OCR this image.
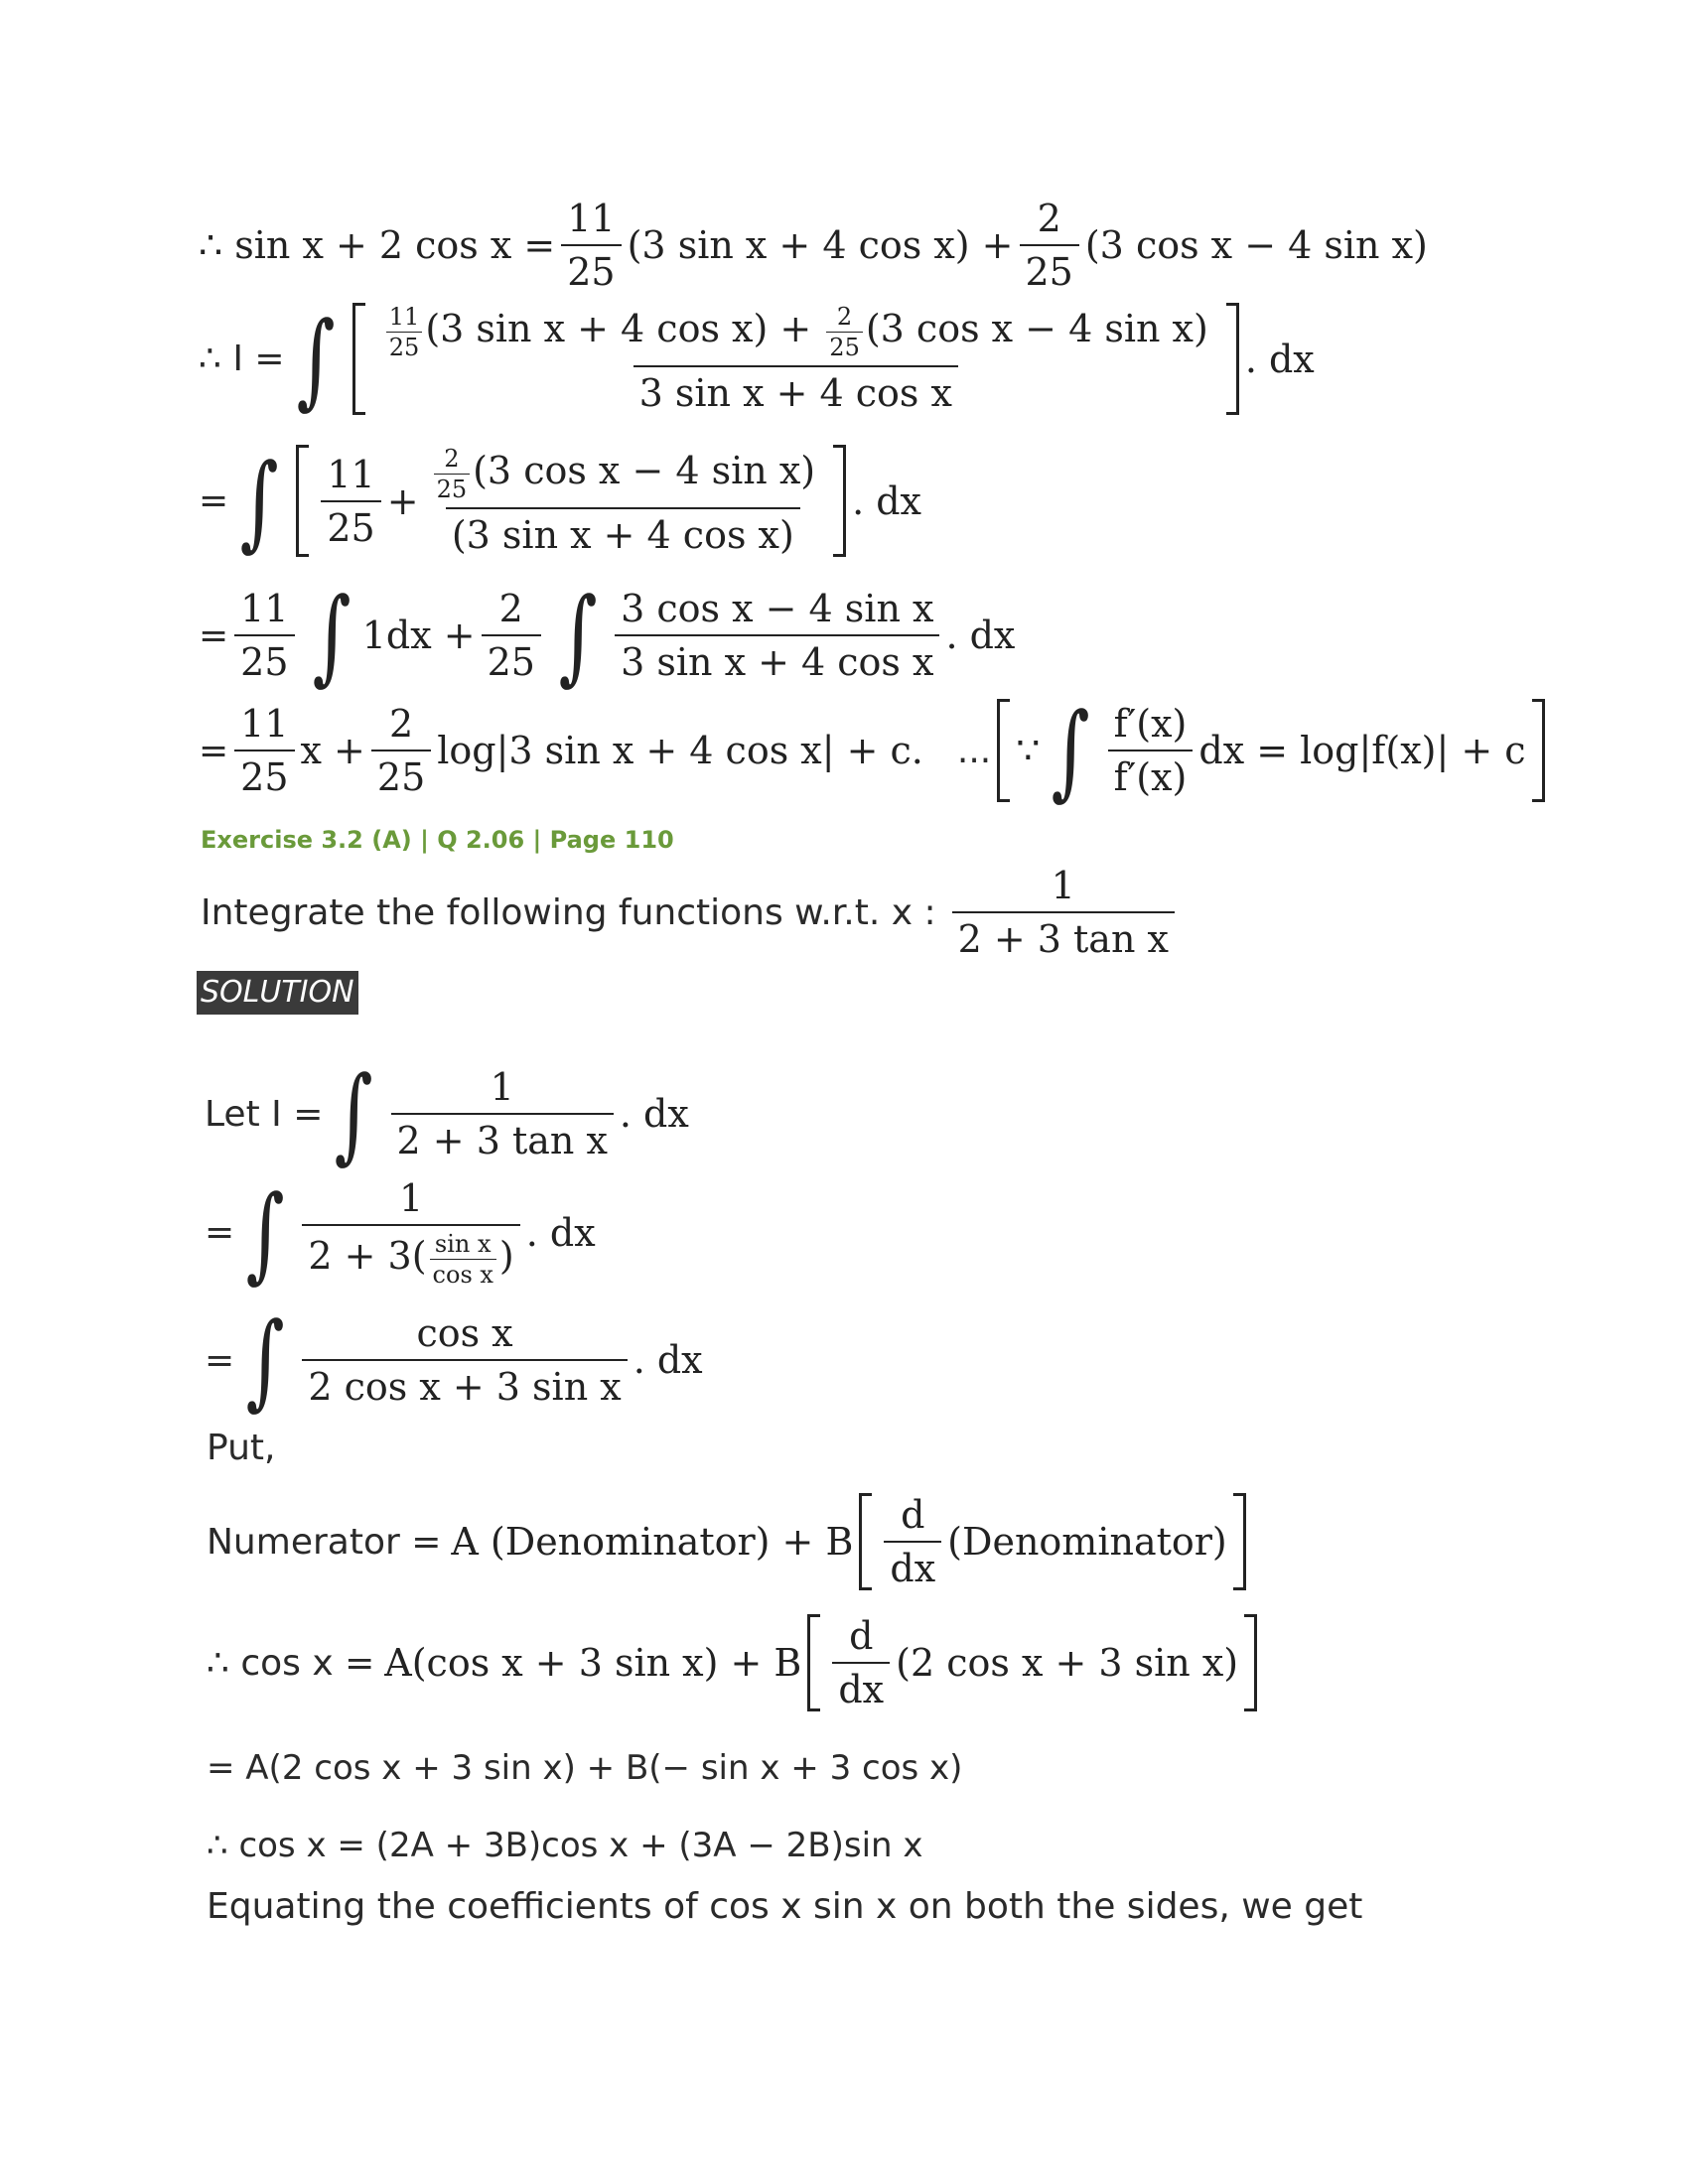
∴ sin x + 2 $\cos x = \frac{11}{25} (3$ sin x + 4 $\cos x) + \frac{2}{25} (3$ cos x − 4 sin x)
∴ I = ∫ $\frac{11}{25} (3$ sin x + 4 $\cos x) + \frac{2}{25} (3$ cos x − 4 sin x)
3 sin x + 4 cos x
. dx
= ∫ $\frac{11}{25} + \frac{\frac{2}{25} (3 \cos x - 4 \sin x)}{\text{(3 sin x + 4 cos x)}}$ . dx
= $\frac{11}{25}$ ∫ $1dx + \frac{2}{25}$ ∫ $\frac{\text{3 cos x − 4 sin x}}{\text{3 sin x + 4 cos x}}$ . dx
= $\frac{11}{25}$ $x + \frac{2}{25} \log|3$ sin x + 4 cos x| + c. ... ∵ ∫ $\frac{f'(x)}{f'(x)}$ dx = log|f(x)| + c
Exercise 3.2 (A) | Q 2.06 | Page 110
Integrate the following functions w.r.t. x : $\frac{1}{\text{2 + 3 tan x}}$
SOLUTION
Let I = ∫ $\frac{1}{\text{2 + 3 tan x}}$ . dx
= ∫ $\frac{1}{2 + 3( \frac{\text{sin x}}{\text{cos x}} )}$ . dx
= ∫ $\frac{\text{cos x}}{\text{2 cos x + 3 sin x}}$ . dx
Put,
Numerator = A (Denominator) + B $\frac{d}{dx}$ (Denominator)
∴ cos x = A(cos x + 3 sin x) + B $\frac{d}{dx} (2$ cos x + 3 sin x)
= A(2 cos x + 3 sin x) + B(− sin x + 3 cos x)
∴ cos x = (2A + 3B)cos x + (3A − 2B)sin x
Equating the coefficients of cos x sin x on both the sides, we get
